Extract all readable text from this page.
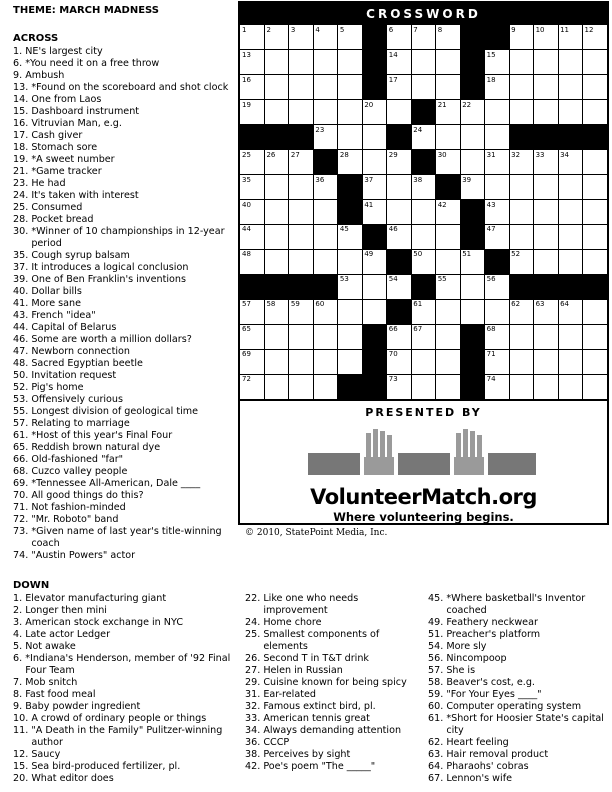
THEME: MARCH MADNESS
ACROSS
1. NE's largest city
6. *You need it on a free throw
9. Ambush
13. *Found on the scoreboard and shot clock
14. One from Laos
15. Dashboard instrument
16. Vitruvian Man, e.g.
17. Cash giver
18. Stomach sore
19. *A sweet number
21. *Game tracker
23. He had
24. It's taken with interest
25. Consumed
28. Pocket bread
30. *Winner of 10 championships in 12-year period
35. Cough syrup balsam
37. It introduces a logical conclusion
39. One of Ben Franklin's inventions
40. Dollar bills
41. More sane
43. French "idea"
44. Capital of Belarus
46. Some are worth a million dollars?
47. Newborn connection
48. Sacred Egyptian beetle
50. Invitation request
52. Pig's home
53. Offensively curious
55. Longest division of geological time
57. Relating to marriage
61. *Host of this year's Final Four
65. Reddish brown natural dye
66. Old-fashioned "far"
68. Cuzco valley people
69. *Tennessee All-American, Dale ____
70. All good things do this?
71. Not fashion-minded
72. "Mr. Roboto" band
73. *Given name of last year's title-winning coach
74. "Austin Powers" actor
DOWN
1. Elevator manufacturing giant
2. Longer then mini
3. American stock exchange in NYC
4. Late actor Ledger
5. Not awake
6. *Indiana's Henderson, member of '92 Final Four Team
7. Mob snitch
8. Fast food meal
9. Baby powder ingredient
10. A crowd of ordinary people or things
11. "A Death in the Family" Pulitzer-winning author
12. Saucy
15. Sea bird-produced fertilizer, pl.
20. What editor does
22. Like one who needs improvement
24. Home chore
25. Smallest components of elements
26. Second T in T&T drink
27. Helen in Russian
29. Cuisine known for being spicy
31. Ear-related
32. Famous extinct bird, pl.
33. American tennis great
34. Always demanding attention
36. CCCP
38. Perceives by sight
42. Poe's poem "The _____"
45. *Where basketball's Inventor coached
49. Feathery neckwear
51. Preacher's platform
54. More sly
56. Nincompoop
57. She is
58. Beaver's cost, e.g.
59. "For Your Eyes ____"
60. Computer operating system
61. *Short for Hoosier State's capital city
62. Heart feeling
63. Hair removal product
64. Pharaohs' cobras
67. Lennon's wife
CROSSWORD
1	2	3	4	5	6	7	8	9	10 11 12
13	14	15
16	17	18
19	20	21 22
23	24
25 26 27	28	29	30	31 32 33 34
35	36	37	38	39
40	41	42	43
44	45	46	47
48	49	50	51	52
53	54	55	56
57 58 59 60	61	62 63 64
65	66 67	68
69	70	71
72	73	74
PRESENTED BY
VolunteerMatch.org
Where volunteering begins.
© 2010, StatePoint Media, Inc.
